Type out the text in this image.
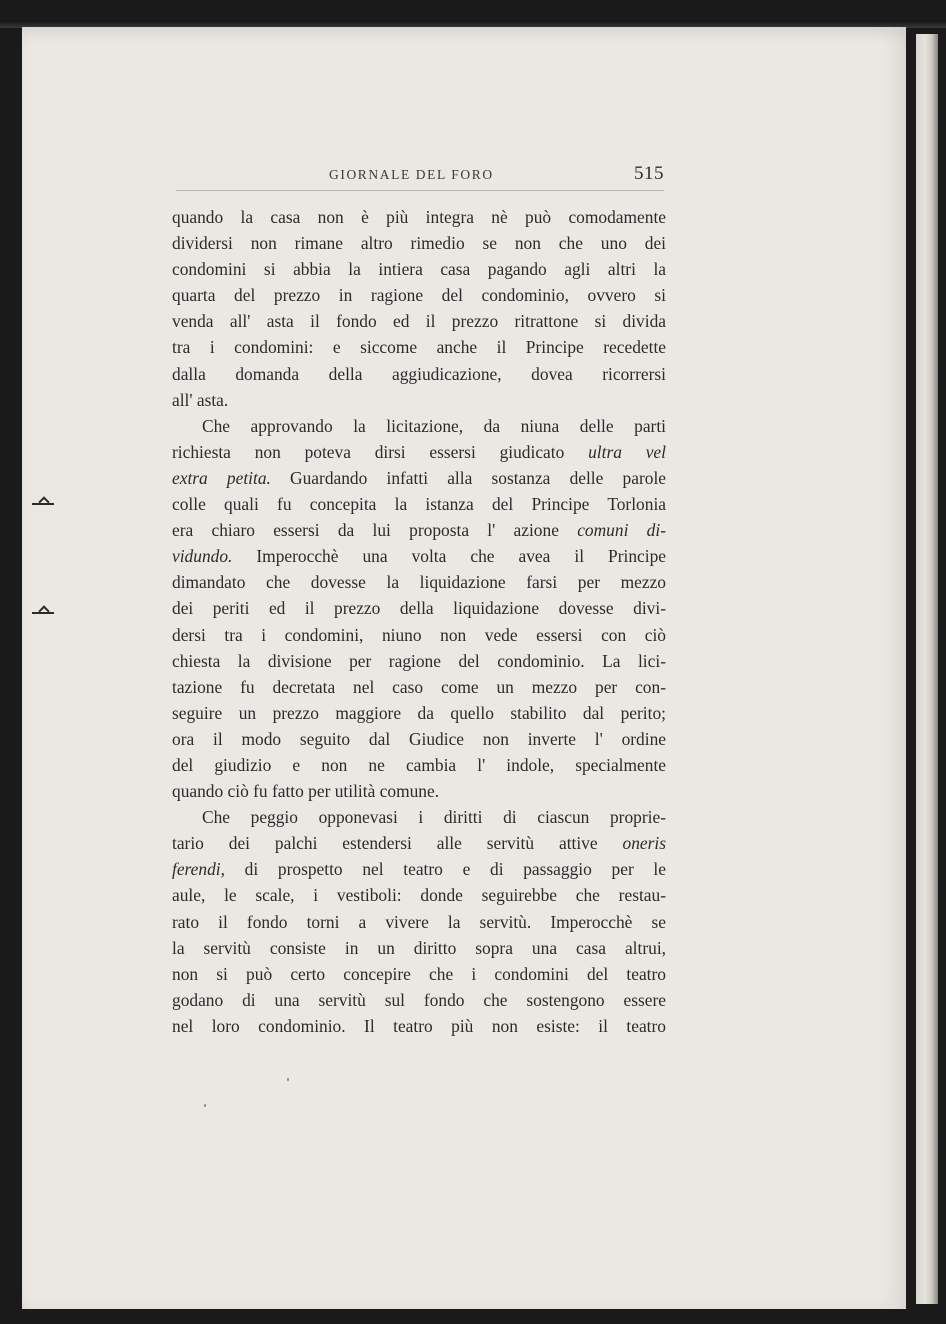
GIORNALE DEL FORO	515
quando la casa non è più integra nè può comodamente
dividersi non rimane altro rimedio se non che uno dei
condomini si abbia la intiera casa pagando agli altri la
quarta del prezzo in ragione del condominio, ovvero si
venda all' asta il fondo ed il prezzo ritrattone si divida
tra i condomini: e siccome anche il Principe recedette
dalla domanda della aggiudicazione, dovea ricorrersi
all' asta.
Che approvando la licitazione, da niuna delle parti
richiesta non poteva dirsi essersi giudicato ultra vel
extra petita. Guardando infatti alla sostanza delle parole
colle quali fu concepita la istanza del Principe Torlonia
era chiaro essersi da lui proposta l' azione comuni di-
vidundo. Imperocchè una volta che avea il Principe
dimandato che dovesse la liquidazione farsi per mezzo
dei periti ed il prezzo della liquidazione dovesse divi-
dersi tra i condomini, niuno non vede essersi con ciò
chiesta la divisione per ragione del condominio. La lici-
tazione fu decretata nel caso come un mezzo per con-
seguire un prezzo maggiore da quello stabilito dal perito;
ora il modo seguito dal Giudice non inverte l' ordine
del giudizio e non ne cambia l' indole, specialmente
quando ciò fu fatto per utilità comune.
Che peggio opponevasi i diritti di ciascun proprie-
tario dei palchi estendersi alle servitù attive oneris
ferendi, di prospetto nel teatro e di passaggio per le
aule, le scale, i vestiboli: donde seguirebbe che restau-
rato il fondo torni a vivere la servitù. Imperocchè se
la servitù consiste in un diritto sopra una casa altrui,
non si può certo concepire che i condomini del teatro
godano di una servitù sul fondo che sostengono essere
nel loro condominio. Il teatro più non esiste: il teatro
